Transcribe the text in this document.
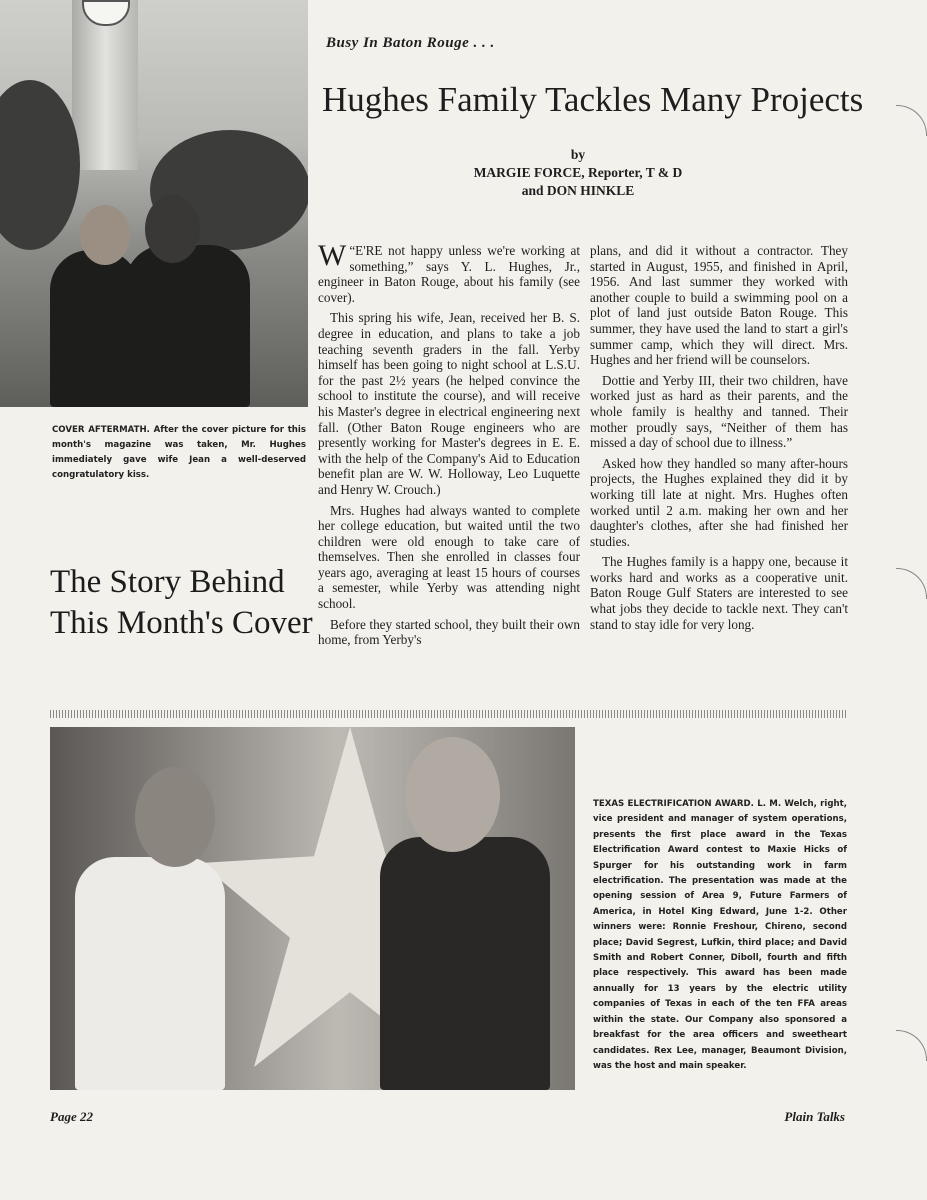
COVER AFTERMATH. After the cover picture for this month's magazine was taken, Mr. Hughes immediately gave wife Jean a well-deserved congratulatory kiss.
The Story Behind
This Month's Cover
Busy In Baton Rouge . . .
Hughes Family Tackles Many Projects
by
MARGIE FORCE, Reporter, T & D
and DON HINKLE

W “E'RE not happy unless we're working at something,” says Y. L. Hughes, Jr., engineer in Baton Rouge, about his family (see cover).

This spring his wife, Jean, received her B. S. degree in education, and plans to take a job teaching seventh graders in the fall. Yerby himself has been going to night school at L.S.U. for the past 2½ years (he helped convince the school to institute the course), and will receive his Master's degree in electrical engineering next fall. (Other Baton Rouge engineers who are presently working for Master's degrees in E. E. with the help of the Company's Aid to Education benefit plan are W. W. Holloway, Leo Luquette and Henry W. Crouch.)

Mrs. Hughes had always wanted to complete her college education, but waited until the two children were old enough to take care of themselves. Then she enrolled in classes four years ago, averaging at least 15 hours of courses a semester, while Yerby was attending night school.

Before they started school, they built their own home, from Yerby's

plans, and did it without a contractor. They started in August, 1955, and finished in April, 1956. And last summer they worked with another couple to build a swimming pool on a plot of land just outside Baton Rouge. This summer, they have used the land to start a girl's summer camp, which they will direct. Mrs. Hughes and her friend will be counselors.

Dottie and Yerby III, their two children, have worked just as hard as their parents, and the whole family is healthy and tanned. Their mother proudly says, “Neither of them has missed a day of school due to illness.”

Asked how they handled so many after-hours projects, the Hughes explained they did it by working till late at night. Mrs. Hughes often worked until 2 a.m. making her own and her daughter's clothes, after she had finished her studies.

The Hughes family is a happy one, because it works hard and works as a cooperative unit. Baton Rouge Gulf Staters are interested to see what jobs they decide to tackle next. They can't stand to stay idle for very long.

TEXAS ELECTRIFICATION AWARD. L. M. Welch, right, vice president and manager of system operations, presents the first place award in the Texas Electrification Award contest to Maxie Hicks of Spurger for his outstanding work in farm electrification. The presentation was made at the opening session of Area 9, Future Farmers of America, in Hotel King Edward, June 1-2. Other winners were: Ronnie Freshour, Chireno, second place; David Segrest, Lufkin, third place; and David Smith and Robert Conner, Diboll, fourth and fifth place respectively. This award has been made annually for 13 years by the electric utility companies of Texas in each of the ten FFA areas within the state. Our Company also sponsored a breakfast for the area officers and sweetheart candidates. Rex Lee, manager, Beaumont Division, was the host and main speaker.
Page 22	Plain Talks
